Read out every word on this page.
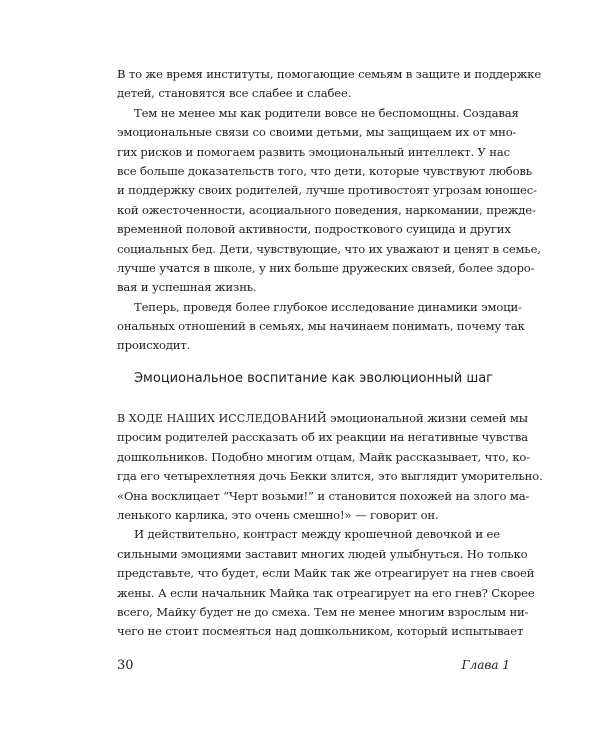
В то же время институты, помогающие семьям в защите и поддержке
детей, становятся все слабее и слабее.
Тем не менее мы как родители вовсе не беспомощны. Создавая
эмоциональные связи со своими детьми, мы защищаем их от мно-
гих рисков и помогаем развить эмоциональный интеллект. У нас
все больше доказательств того, что дети, которые чувствуют любовь
и поддержку своих родителей, лучше противостоят угрозам юношес-
кой ожесточенности, асоциального поведения, наркомании, прежде-
временной половой активности, подросткового суицида и других
социальных бед. Дети, чувствующие, что их уважают и ценят в семье,
лучше учатся в школе, у них больше дружеских связей, более здоро-
вая и успешная жизнь.
Теперь, проведя более глубокое исследование динамики эмоци-
ональных отношений в семьях, мы начинаем понимать, почему так
происходит.
Эмоциональное воспитание как эволюционный шаг
В ХОДЕ НАШИХ ИССЛЕДОВАНИЙ эмоциональной жизни семей мы
просим родителей рассказать об их реакции на негативные чувства
дошкольников. Подобно многим отцам, Майк рассказывает, что, ко-
гда его четырехлетняя дочь Бекки злится, это выглядит уморительно.
«Она восклицает “Черт возьми!” и становится похожей на злого ма-
ленького карлика, это очень смешно!» — говорит он.
И действительно, контраст между крошечной девочкой и ее
сильными эмоциями заставит многих людей улыбнуться. Но только
представьте, что будет, если Майк так же отреагирует на гнев своей
жены. А если начальник Майка так отреагирует на его гнев? Скорее
всего, Майку будет не до смеха. Тем не менее многим взрослым ни-
чего не стоит посмеяться над дошкольником, который испытывает
30	Глава 1
